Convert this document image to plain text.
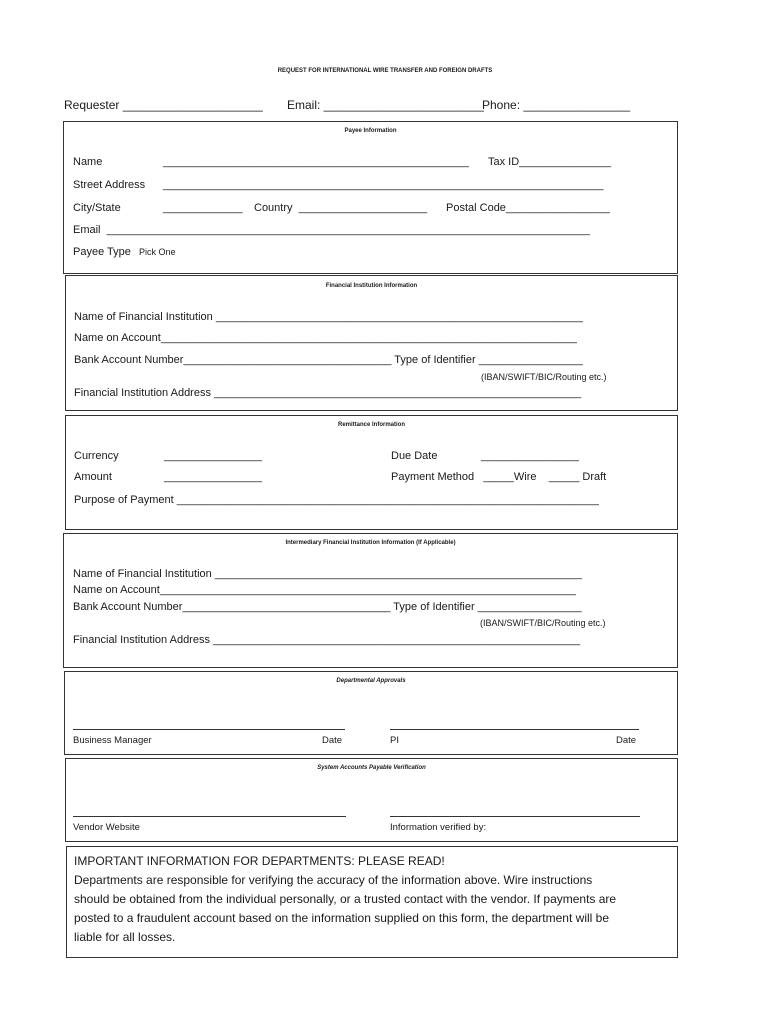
REQUEST FOR INTERNATIONAL WIRE TRANSFER AND FOREIGN DRAFTS
Requester _____________________ Email: ________________________
Phone: ________________
Payee Information
Name	__________________________________________________ Tax ID_______________
Street Address ________________________________________________________________________
City/State	_____________ Country  _____________________ Postal Code_________________
Email  _______________________________________________________________________________
Payee Type Pick One
Financial Institution Information
Name of Financial Institution ____________________________________________________________
Name on Account____________________________________________________________________
Bank Account Number__________________________________ Type of Identifier _________________
(IBAN/SWIFT/BIC/Routing etc.)
Financial Institution Address ____________________________________________________________
Remittance Information
Currency	________________	Due Date	________________
Amount	________________	Payment Method   _____Wire    _____ Draft
Purpose of Payment _____________________________________________________________________
Intermediary Financial Institution Information (If Applicable)
Name of Financial Institution ____________________________________________________________
Name on Account____________________________________________________________________
Bank Account Number__________________________________ Type of Identifier _________________
(IBAN/SWIFT/BIC/Routing etc.)
Financial Institution Address ____________________________________________________________
Departmental Approvals
Business Manager	Date	PI	Date
System Accounts Payable Verification
Vendor Website	Information verified by:
IMPORTANT INFORMATION FOR DEPARTMENTS: PLEASE READ!
Departments are responsible for verifying the accuracy of the information above. Wire instructions
should be obtained from the individual personally, or a trusted contact with the vendor. If payments are
posted to a fraudulent account based on the information supplied on this form, the department will be
liable for all losses.
